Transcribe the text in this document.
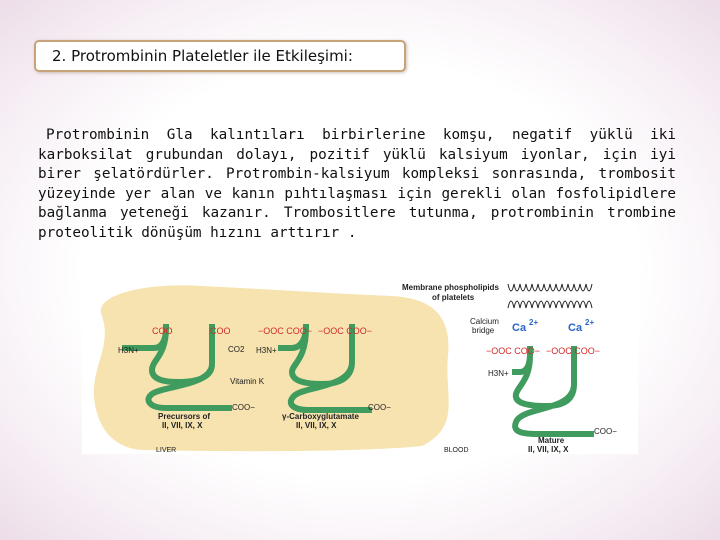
2. Protrombinin Plateletler ile Etkileşimi:
Protrombinin Gla kalıntıları birbirlerine komşu, negatif yüklü iki karboksilat grubundan dolayı, pozitif yüklü kalsiyum iyonlar, için iyi birer şelatördürler. Protrombin-kalsiyum kompleksi sonrasında, trombosit yüzeyinde yer alan ve kanın pıhtılaşması için gerekli olan fosfolipidlere bağlanma yeteneği kazanır. Trombositlere tutunma, protrombinin trombine proteolitik dönüşüm hızını arttırır .
COO	COO	−OOC COO− −OOC COO−
H3N+	CO2 H3N+
Vitamin K
COO−	COO−
Precursors of
II, VII, IX, X
γ-Carboxyglutamate
II, VII, IX, X
LIVER	BLOOD
Membrane phospholipids
of platelets
Calcium
bridge Ca 2+	Ca 2+
−OOC COO− −OOC COO−
H3N+
COO−
Mature
II, VII, IX, X
